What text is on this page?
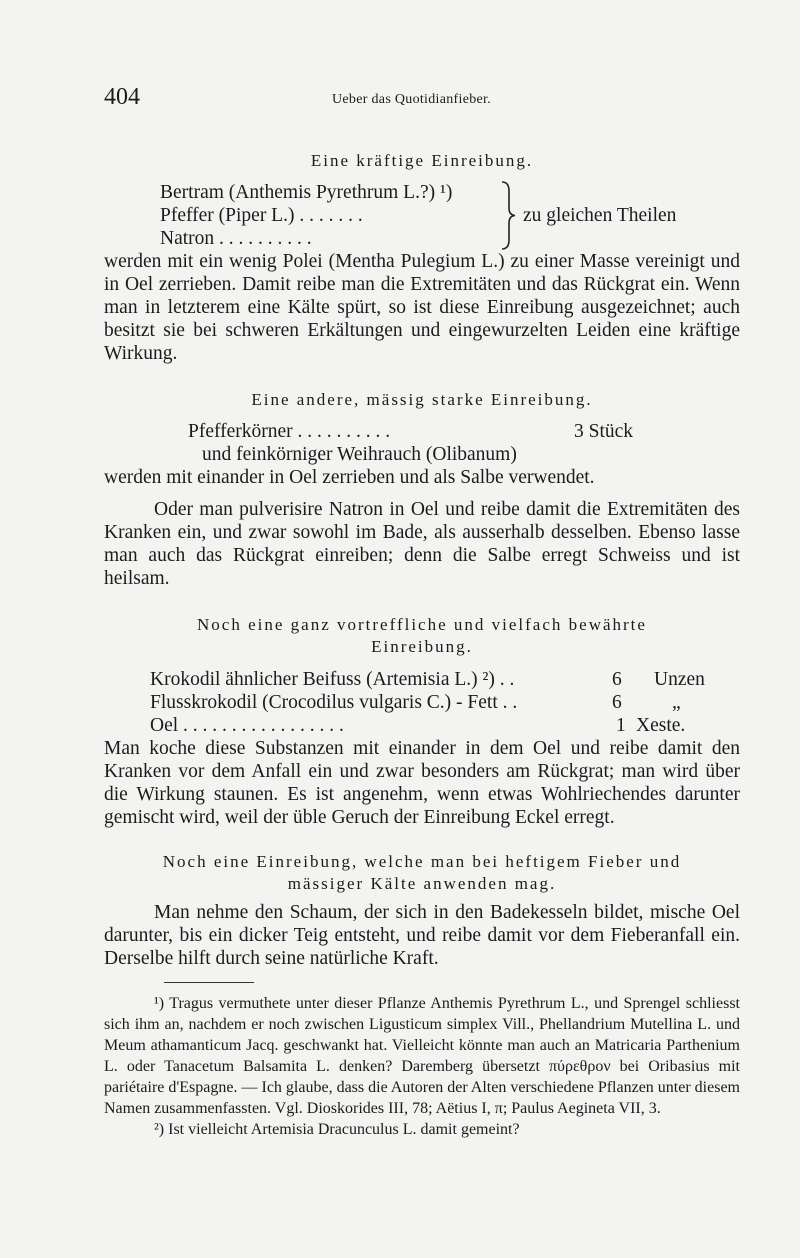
404	Ueber das Quotidianfieber.
Eine kräftige Einreibung.
Bertram (Anthemis Pyrethrum L.?) ¹)
Pfeffer (Piper L.) . . . . . . .
Natron . . . . . . . . . .
zu gleichen Theilen

werden mit ein wenig Polei (Mentha Pulegium L.) zu einer Masse vereinigt und in Oel zerrieben. Damit reibe man die Extremitäten und das Rückgrat ein. Wenn man in letzterem eine Kälte spürt, so ist diese Einreibung ausgezeichnet; auch besitzt sie bei schweren Erkältungen und eingewurzelten Leiden eine kräftige Wirkung.

Eine andere, mässig starke Einreibung.
Pfefferkörner . . . . . . . . . .	3 Stück
und feinkörniger Weihrauch (Olibanum)

werden mit einander in Oel zerrieben und als Salbe verwendet.

Oder man pulverisire Natron in Oel und reibe damit die Extremitäten des Kranken ein, und zwar sowohl im Bade, als ausserhalb desselben. Ebenso lasse man auch das Rückgrat einreiben; denn die Salbe erregt Schweiss und ist heilsam.

Noch eine ganz vortreffliche und vielfach bewährte
Einreibung.
Krokodil ähnlicher Beifuss (Artemisia L.) ²) . .	6 Unzen
Flusskrokodil (Crocodilus vulgaris C.) - Fett . .	6	„
Oel . . . . . . . . . . . . . . . . .	1 Xeste.

Man koche diese Substanzen mit einander in dem Oel und reibe damit den Kranken vor dem Anfall ein und zwar besonders am Rückgrat; man wird über die Wirkung staunen. Es ist angenehm, wenn etwas Wohlriechendes darunter gemischt wird, weil der üble Geruch der Einreibung Eckel erregt.

Noch eine Einreibung, welche man bei heftigem Fieber und
mässiger Kälte anwenden mag.

Man nehme den Schaum, der sich in den Badekesseln bildet, mische Oel darunter, bis ein dicker Teig entsteht, und reibe damit vor dem Fieberanfall ein. Derselbe hilft durch seine natürliche Kraft.

¹) Tragus vermuthete unter dieser Pflanze Anthemis Pyrethrum L., und Sprengel schliesst sich ihm an, nachdem er noch zwischen Ligusticum simplex Vill., Phellandrium Mutellina L. und Meum athamanticum Jacq. geschwankt hat. Vielleicht könnte man auch an Matricaria Parthenium L. oder Tanacetum Balsamita L. denken? Daremberg übersetzt πύρεθρον bei Oribasius mit pariétaire d'Espagne. — Ich glaube, dass die Autoren der Alten verschiedene Pflanzen unter diesem Namen zusammenfassten. Vgl. Dioskorides III, 78; Aëtius I, π; Paulus Aegineta VII, 3.

²) Ist vielleicht Artemisia Dracunculus L. damit gemeint?
